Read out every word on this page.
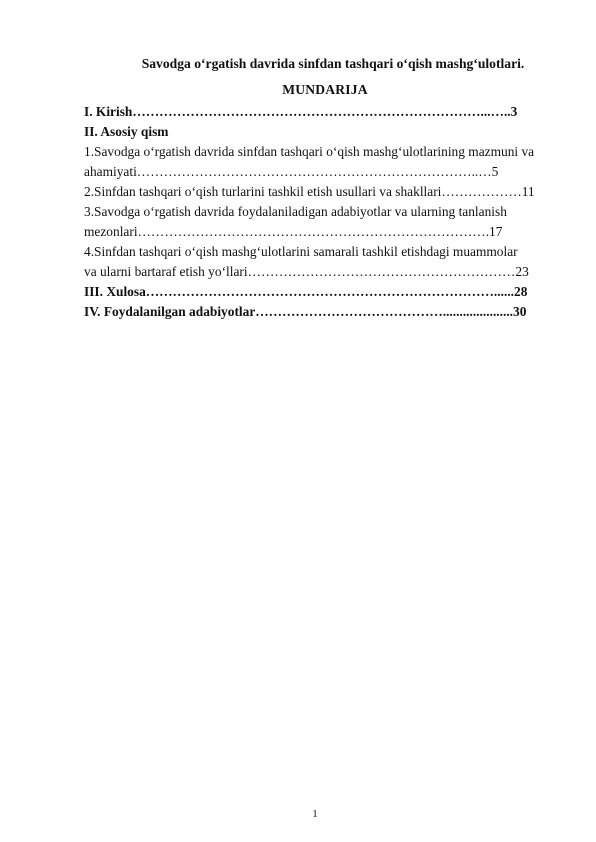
Savodga o‘rgatish davrida sinfdan tashqari o‘qish mashg‘ulotlari.
MUNDARIJA
I. Kirish……………………………………………………………………...…..3
II. Asosiy qism
1.Savodga o‘rgatish davrida sinfdan tashqari o‘qish mashg‘ulotlarining mazmuni va
ahamiyati…………………………………………………………………..…5
2.Sinfdan tashqari o‘qish turlarini tashkil etish usullari va shakllari………………11
3.Savodga o‘rgatish davrida foydalaniladigan adabiyotlar va ularning tanlanish
mezonlari…………………………………………………………………….17
4.Sinfdan tashqari o‘qish mashg‘ulotlarini samarali tashkil etishdagi muammolar
va ularni bartaraf etish yo‘llari……………………………………………………23
III. Xulosa……………………………………………………………………......28
IV. Foydalanilgan adabiyotlar…………………………………….....................30
1
